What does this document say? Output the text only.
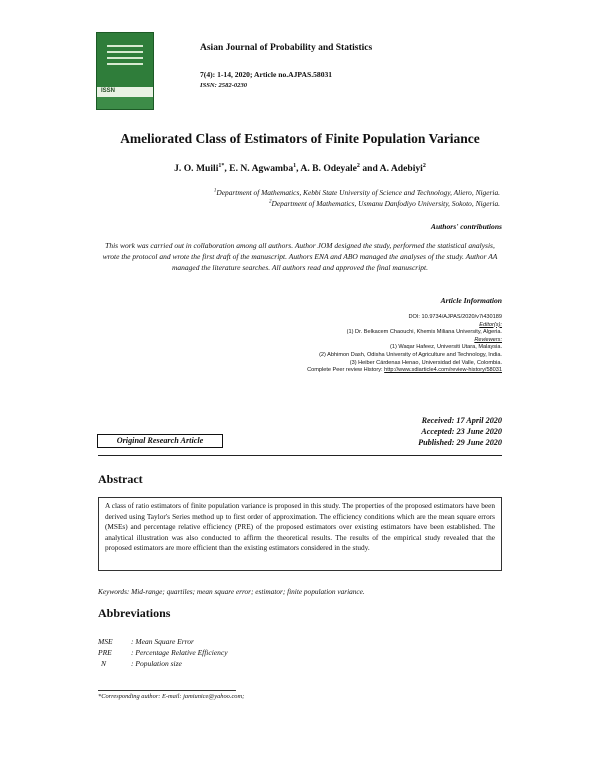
ISSN
Asian Journal of Probability and Statistics
7(4): 1-14, 2020; Article no.AJPAS.58031
ISSN: 2582-0230
Ameliorated Class of Estimators of Finite Population Variance
J. O. Muili$^{1*}$, E. N. Agwamba$^1$, A. B. Odeyale$^2$ and A. Adebiyi$^2$
$^1$Department of Mathematics, Kebbi State University of Science and Technology, Aliero, Nigeria.
$^2$Department of Mathematics, Usmanu Danfodiyo University, Sokoto, Nigeria.
Authors' contributions
This work was carried out in collaboration among all authors. Author JOM designed the study, performed the statistical analysis, wrote the protocol and wrote the first draft of the manuscript. Authors ENA and ABO managed the analyses of the study. Author AA managed the literature searches. All authors read and approved the final manuscript.
Article Information
DOI: 10.9734/AJPAS/2020/v7i430189
Editor(s):
(1) Dr. Belkacem Chaouchi, Khemis Miliana University, Algeria.
Reviewers:
(1) Waqar Hafeez, Universiti Utara, Malaysia.
(2) Abhimon Dash, Odisha University of Agriculture and Technology, India.
(3) Heiber Cárdenas Henao, Universidad del Valle, Colombia.
Complete Peer review History: http://www.sdiarticle4.com/review-history/58031
Received: 17 April 2020
Accepted: 23 June 2020
Published: 29 June 2020
Original Research Article
Abstract
A class of ratio estimators of finite population variance is proposed in this study. The properties of the proposed estimators have been derived using Taylor's Series method up to first order of approximation. The efficiency conditions which are the mean square errors (MSEs) and percentage relative efficiency (PRE) of the proposed estimators over existing estimators have been established. The analytical illustration was also conducted to affirm the theoretical results. The results of the empirical study revealed that the proposed estimators are more efficient than the existing estimators considered in the study.
Keywords: Mid-range; quartiles; mean square error; estimator; finite population variance.
Abbreviations
MSE	: Mean Square Error
PRE	: Percentage Relative Efficiency
N	: Population size
*Corresponding author: E-mail: jamiunice@yahoo.com;
